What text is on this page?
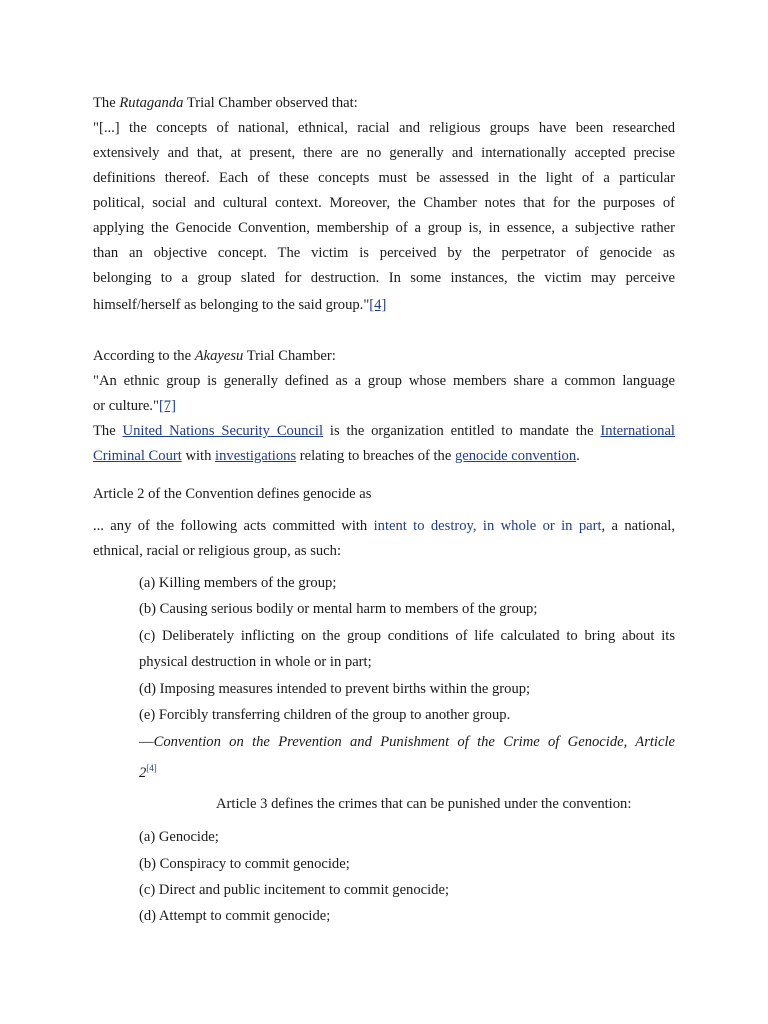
The Rutaganda Trial Chamber observed that:
"[...] the concepts of national, ethnical, racial and religious groups have been researched
extensively and that, at present, there are no generally and internationally accepted precise
definitions thereof. Each of these concepts must be assessed in the light of a particular
political, social and cultural context. Moreover, the Chamber notes that for the purposes of
applying the Genocide Convention, membership of a group is, in essence, a subjective rather
than an objective concept. The victim is perceived by the perpetrator of genocide as
belonging to a group slated for destruction. In some instances, the victim may perceive
himself/herself as belonging to the said group."[4]
According to the Akayesu Trial Chamber:
"An ethnic group is generally defined as a group whose members share a common language
or culture."[7]
The United Nations Security Council is the organization entitled to mandate the International
Criminal Court with investigations relating to breaches of the genocide convention.
Article 2 of the Convention defines genocide as
... any of the following acts committed with intent to destroy, in whole or in part, a national,
ethnical, racial or religious group, as such:
(a) Killing members of the group;
(b) Causing serious bodily or mental harm to members of the group;
(c) Deliberately inflicting on the group conditions of life calculated to bring about its
physical destruction in whole or in part;
(d) Imposing measures intended to prevent births within the group;
(e) Forcibly transferring children of the group to another group.
—Convention on the Prevention and Punishment of the Crime of Genocide, Article
2[4]
Article 3 defines the crimes that can be punished under the convention:
(a) Genocide;
(b) Conspiracy to commit genocide;
(c) Direct and public incitement to commit genocide;
(d) Attempt to commit genocide;
